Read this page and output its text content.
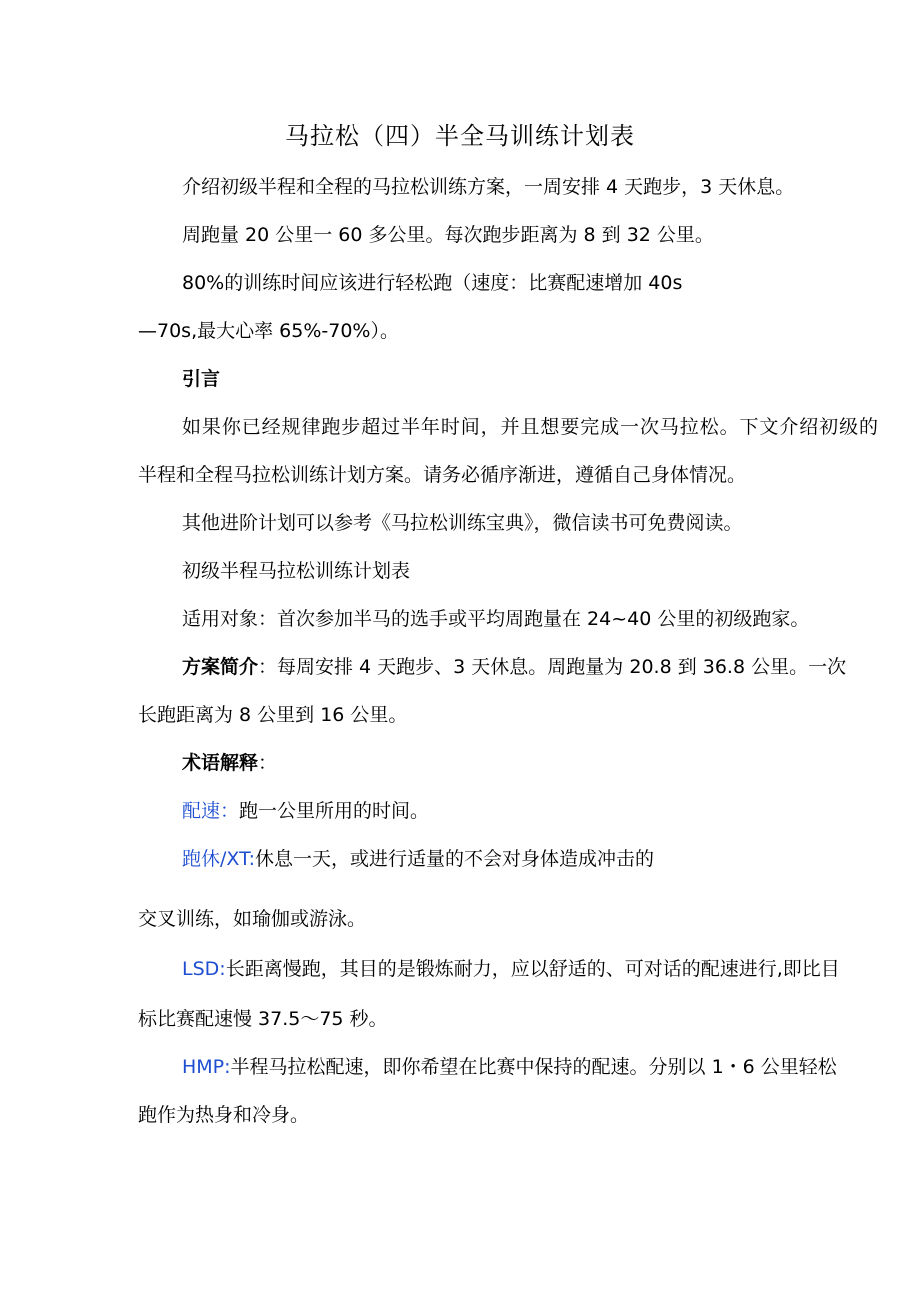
马拉松（四）半全马训练计划表
介绍初级半程和全程的马拉松训练方案，一周安排 4 天跑步，3 天休息。
周跑量 20 公里一 60 多公里。每次跑步距离为 8 到 32 公里。
80%的训练时间应该进行轻松跑（速度：比赛配速增加 40s
—70s,最大心率 65%-70%）。
引言
如果你已经规律跑步超过半年时间，并且想要完成一次马拉松。下文介绍初级的
半程和全程马拉松训练计划方案。请务必循序渐进，遵循自己身体情况。
其他进阶计划可以参考《马拉松训练宝典》，微信读书可免费阅读。
初级半程马拉松训练计划表
适用对象：首次参加半马的选手或平均周跑量在 24~40 公里的初级跑家。
方案简介：每周安排 4 天跑步、3 天休息。周跑量为 20.8 到 36.8 公里。一次
长跑距离为 8 公里到 16 公里。
术语解释：
配速：跑一公里所用的时间。
跑休/XT:休息一天，或进行适量的不会对身体造成冲击的
交叉训练，如瑜伽或游泳。
LSD:长距离慢跑，其目的是锻炼耐力，应以舒适的、可对话的配速进行,即比目
标比赛配速慢 37.5〜75 秒。
HMP:半程马拉松配速，即你希望在比赛中保持的配速。分别以 1・6 公里轻松
跑作为热身和冷身。
